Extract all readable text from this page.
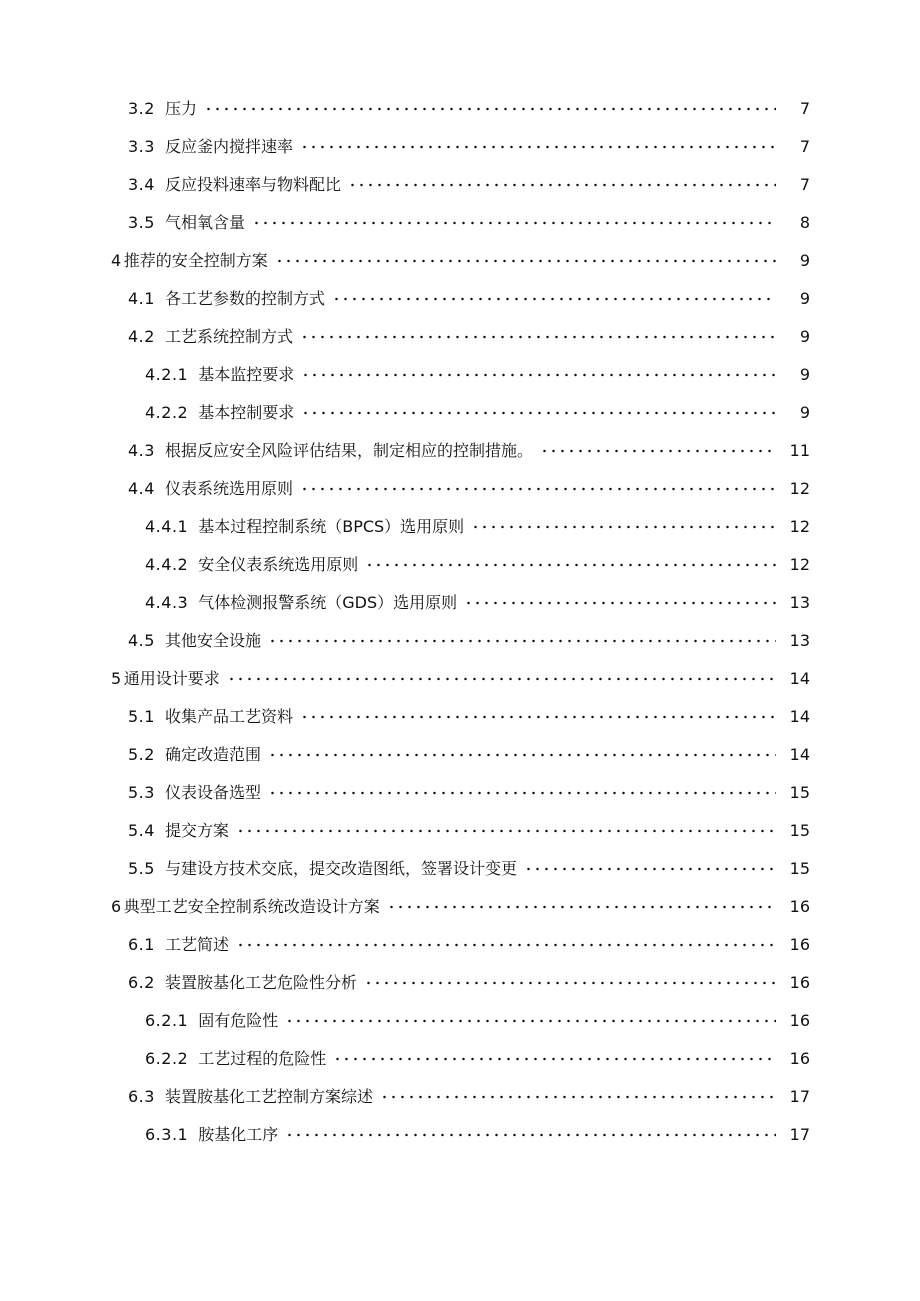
3.2 压力	7
3.3 反应釜内搅拌速率	7
3.4 反应投料速率与物料配比	7
3.5 气相氧含量	8
4 推荐的安全控制方案	9
4.1 各工艺参数的控制方式	9
4.2 工艺系统控制方式	9
4.2.1 基本监控要求	9
4.2.2 基本控制要求	9
4.3 根据反应安全风险评估结果，制定相应的控制措施。	11
4.4 仪表系统选用原则	12
4.4.1 基本过程控制系统（BPCS）选用原则	12
4.4.2 安全仪表系统选用原则	12
4.4.3 气体检测报警系统（GDS）选用原则	13
4.5 其他安全设施	13
5 通用设计要求	14
5.1 收集产品工艺资料	14
5.2 确定改造范围	14
5.3 仪表设备选型	15
5.4 提交方案	15
5.5 与建设方技术交底，提交改造图纸，签署设计变更	15
6 典型工艺安全控制系统改造设计方案	16
6.1 工艺简述	16
6.2 装置胺基化工艺危险性分析	16
6.2.1 固有危险性	16
6.2.2 工艺过程的危险性	16
6.3 装置胺基化工艺控制方案综述	17
6.3.1 胺基化工序	17
